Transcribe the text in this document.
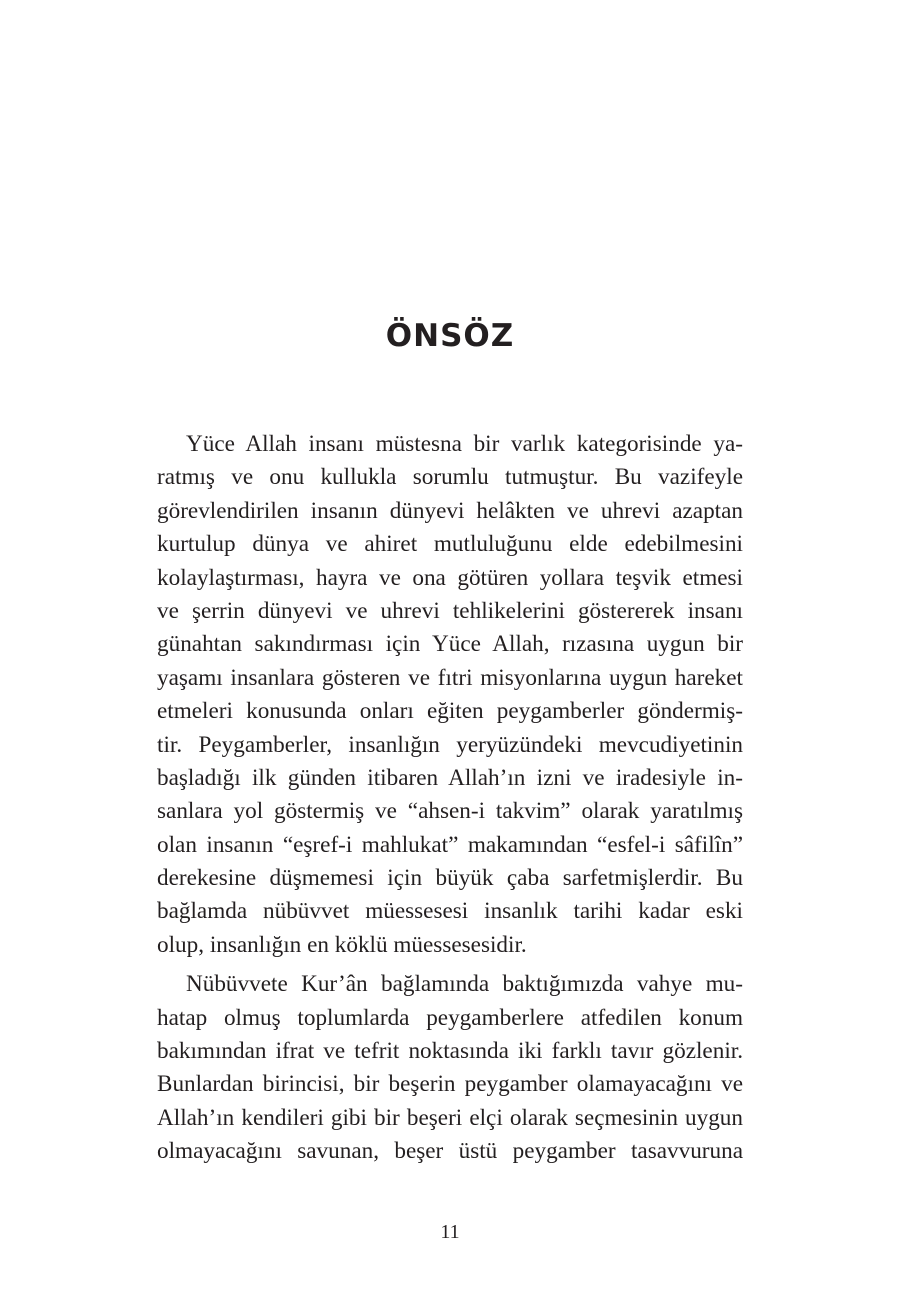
ÖNSÖZ

Yüce Allah insanı müstesna bir varlık kategorisinde ya-
ratmış ve onu kullukla sorumlu tutmuştur. Bu vazifeyle
görevlendirilen insanın dünyevi helâkten ve uhrevi azaptan
kurtulup dünya ve ahiret mutluluğunu elde edebilmesini
kolaylaştırması, hayra ve ona götüren yollara teşvik etmesi
ve şerrin dünyevi ve uhrevi tehlikelerini göstererek insanı
günahtan sakındırması için Yüce Allah, rızasına uygun bir
yaşamı insanlara gösteren ve fıtri misyonlarına uygun hareket
etmeleri konusunda onları eğiten peygamberler göndermiş-
tir. Peygamberler, insanlığın yeryüzündeki mevcudiyetinin
başladığı ilk günden itibaren Allah’ın izni ve iradesiyle in-
sanlara yol göstermiş ve “ahsen-i takvim” olarak yaratılmış
olan insanın “eşref-i mahlukat” makamından “esfel-i sâfilîn”
derekesine düşmemesi için büyük çaba sarfetmişlerdir. Bu
bağlamda nübüvvet müessesesi insanlık tarihi kadar eski
olup, insanlığın en köklü müessesesidir.

Nübüvvete Kur’ân bağlamında baktığımızda vahye mu-
hatap olmuş toplumlarda peygamberlere atfedilen konum
bakımından ifrat ve tefrit noktasında iki farklı tavır gözlenir.
Bunlardan birincisi, bir beşerin peygamber olamayacağını ve
Allah’ın kendileri gibi bir beşeri elçi olarak seçmesinin uygun
olmayacağını savunan, beşer üstü peygamber tasavvuruna

11
